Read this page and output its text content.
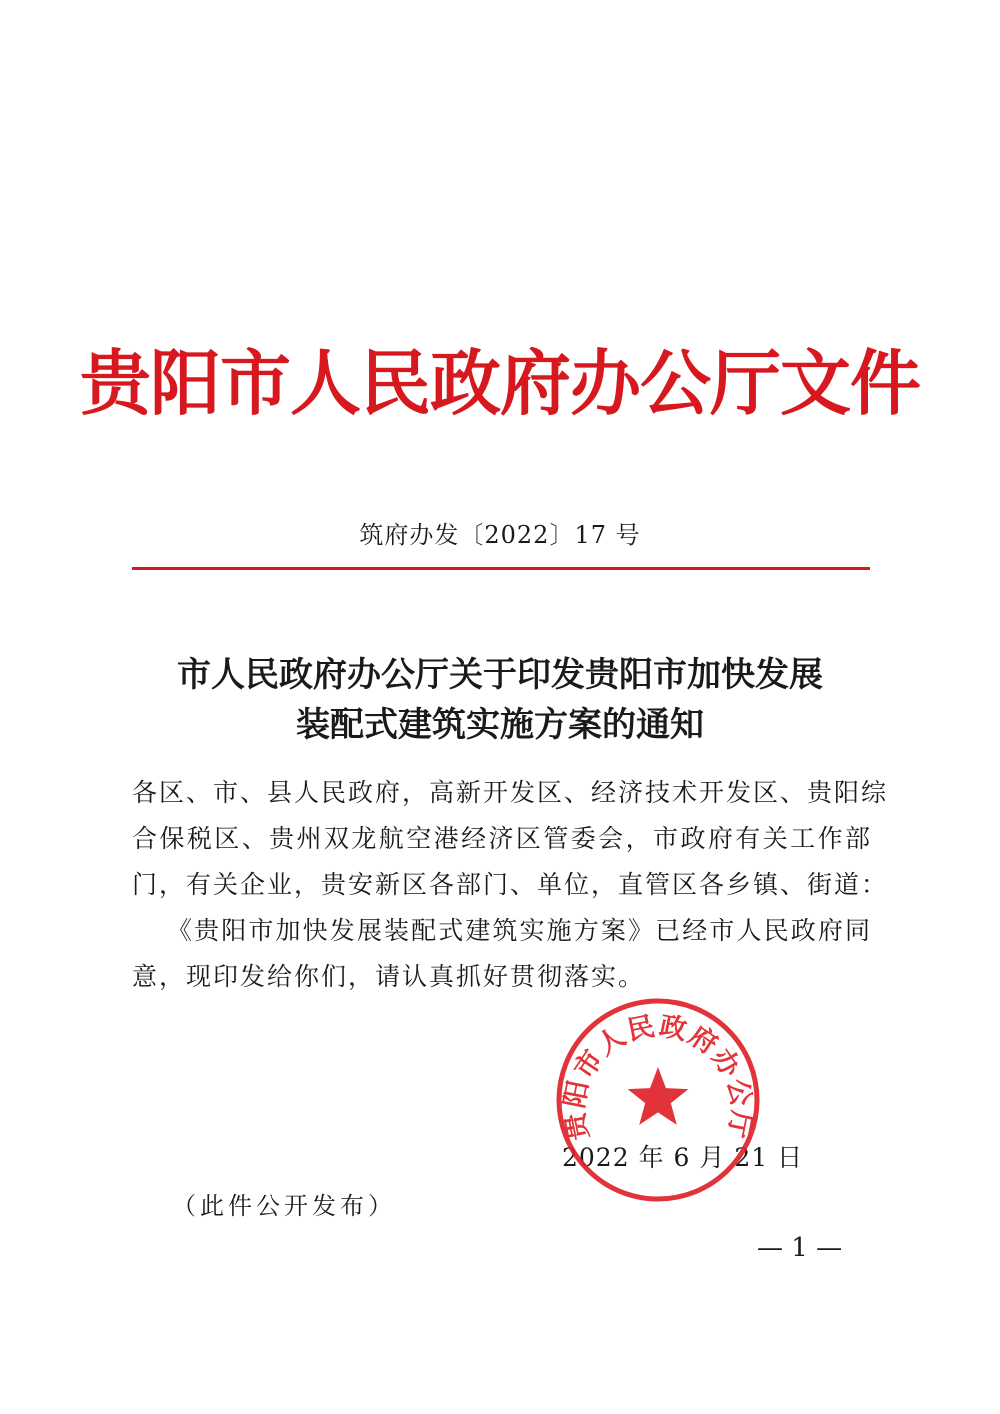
贵阳市人民政府办公厅文件
筑府办发〔2022〕17 号
市人民政府办公厅关于印发贵阳市加快发展
装配式建筑实施方案的通知
各区、市、县人民政府，高新开发区、经济技术开发区、贵阳综
合保税区、贵州双龙航空港经济区管委会，市政府有关工作部
门，有关企业，贵安新区各部门、单位，直管区各乡镇、街道：
《贵阳市加快发展装配式建筑实施方案》已经市人民政府同
意，现印发给你们，请认真抓好贯彻落实。
2022 年 6 月 21 日
贵阳市人民政府办公厅
（此件公开发布）
— 1 —
